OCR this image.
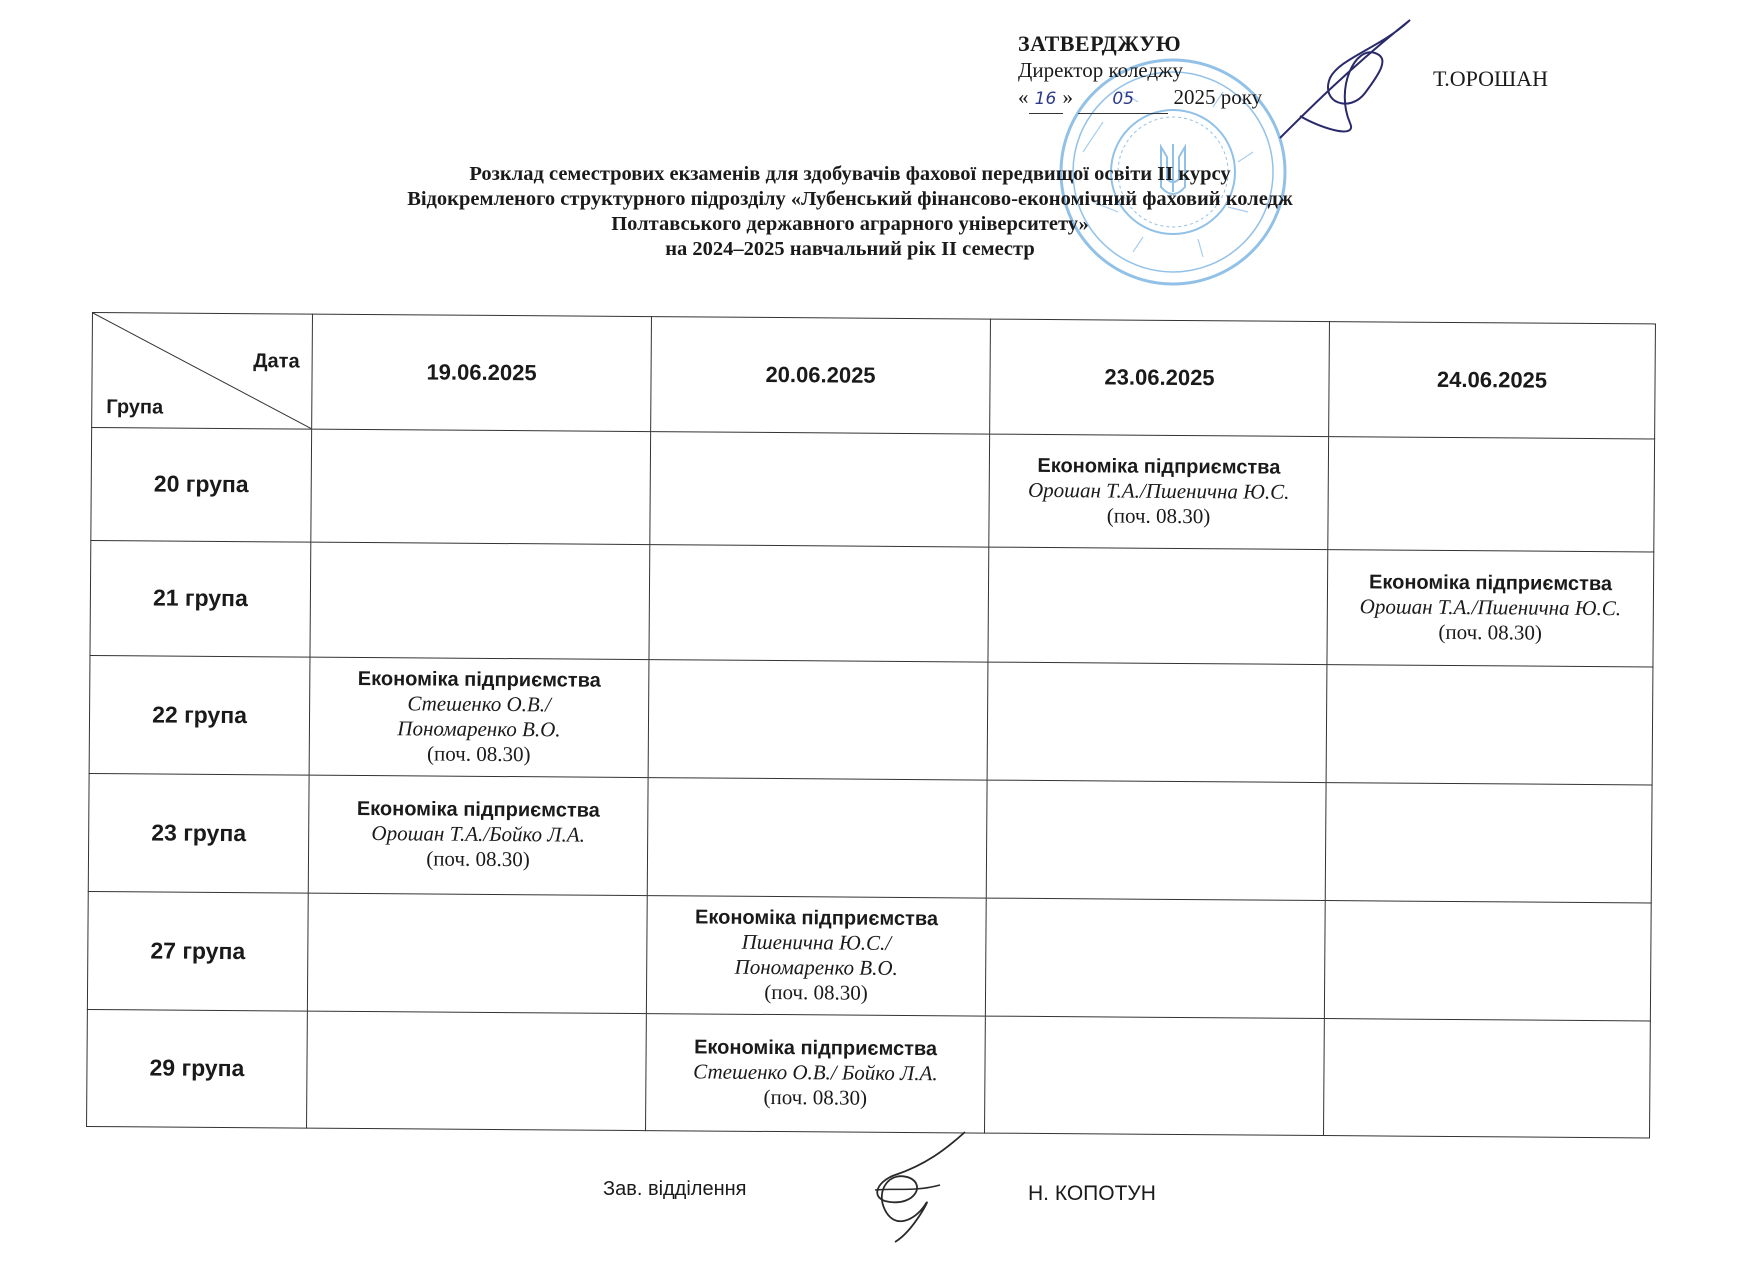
ЗАТВЕРДЖУЮ
Директор коледжу
« 16 » 05 2025 року
Т.ОРОШАН
Розклад семестрових екзаменів для здобувачів фахової передвищої освіти ІІ курсу
Відокремленого структурного підрозділу «Лубенський фінансово-економічний фаховий коледж
Полтавського державного аграрного університету»
на 2024–2025 навчальний рік ІІ семестр
Дата
Група	19.06.2025	20.06.2025	23.06.2025	24.06.2025
20 група			Економіка підприємства
Орошан Т.А./Пшенична Ю.С.
(поч. 08.30)	

21 група				Економіка підприємства
Орошан Т.А./Пшенична Ю.С.
(поч. 08.30)

22 група	Економіка підприємства
Стешенко О.В./
Пономаренко В.О.
(поч. 08.30)			

23 група	Економіка підприємства
Орошан Т.А./Бойко Л.А.
(поч. 08.30)			

27 група		Економіка підприємства
Пшенична Ю.С./
Пономаренко В.О.
(поч. 08.30)		

29 група		Економіка підприємства
Стешенко О.В./ Бойко Л.А.
(поч. 08.30)		

Зав. відділення	Н. КОПОТУН
